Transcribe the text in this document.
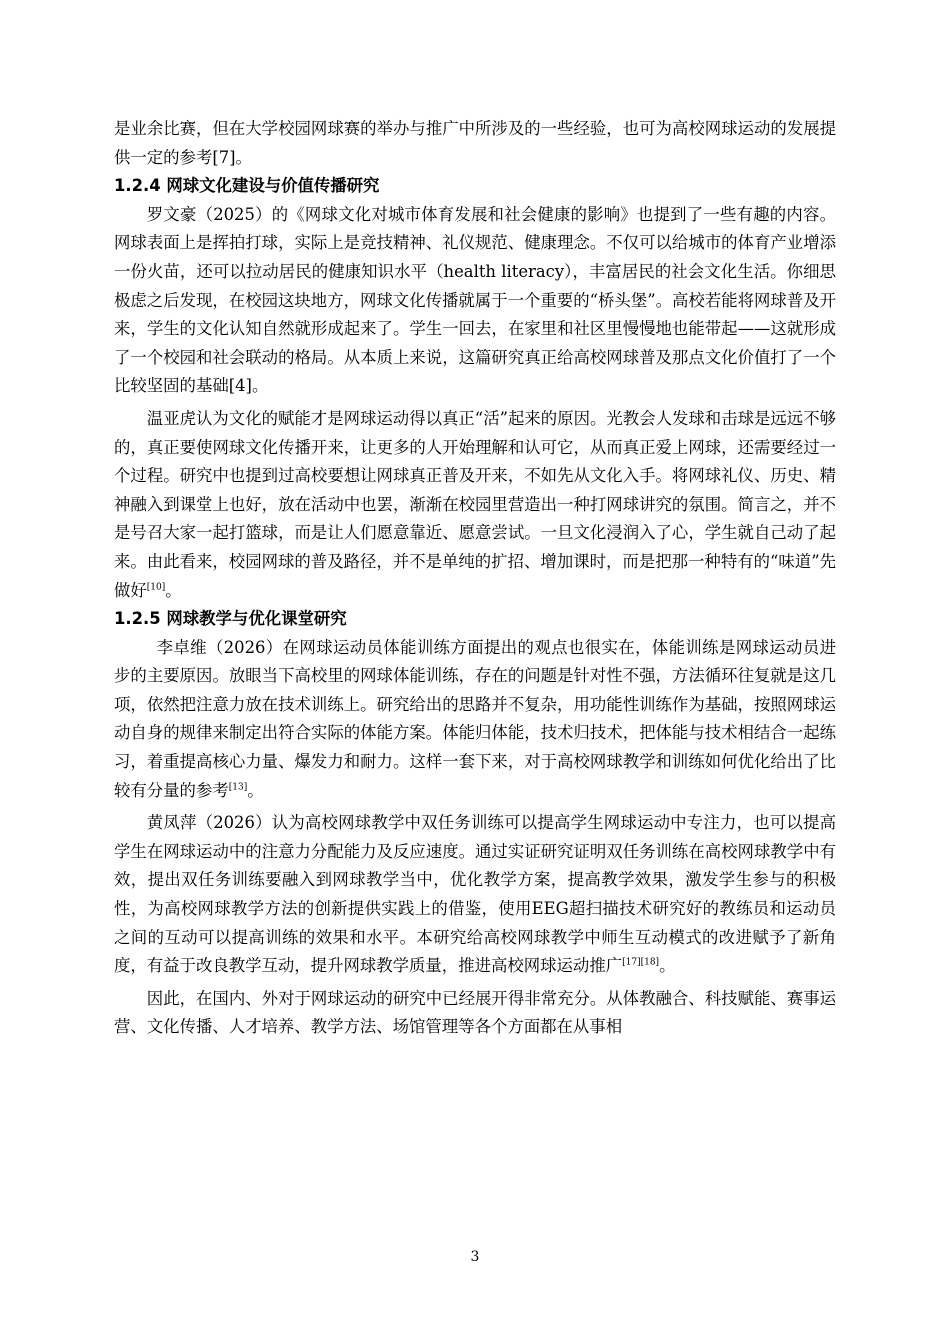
是业余比赛，但在大学校园网球赛的举办与推广中所涉及的一些经验，也可为高校网球运动的发展提供一定的参考[7]。

1.2.4 网球文化建设与价值传播研究

罗文豪（2025）的《网球文化对城市体育发展和社会健康的影响》也提到了一些有趣的内容。网球表面上是挥拍打球，实际上是竞技精神、礼仪规范、健康理念。不仅可以给城市的体育产业增添一份火苗，还可以拉动居民的健康知识水平（health literacy），丰富居民的社会文化生活。你细思极虑之后发现，在校园这块地方，网球文化传播就属于一个重要的“桥头堡”。高校若能将网球普及开来，学生的文化认知自然就形成起来了。学生一回去，在家里和社区里慢慢地也能带起——这就形成了一个校园和社会联动的格局。从本质上来说，这篇研究真正给高校网球普及那点文化价值打了一个比较坚固的基础[4]。

温亚虎认为文化的赋能才是网球运动得以真正“活”起来的原因。光教会人发球和击球是远远不够的，真正要使网球文化传播开来，让更多的人开始理解和认可它，从而真正爱上网球，还需要经过一个过程。研究中也提到过高校要想让网球真正普及开来，不如先从文化入手。将网球礼仪、历史、精神融入到课堂上也好，放在活动中也罢，渐渐在校园里营造出一种打网球讲究的氛围。简言之，并不是号召大家一起打篮球，而是让人们愿意靠近、愿意尝试。一旦文化浸润入了心，学生就自己动了起来。由此看来，校园网球的普及路径，并不是单纯的扩招、增加课时，而是把那一种特有的“味道”先做好[10]。

1.2.5 网球教学与优化课堂研究

李卓维（2026）在网球运动员体能训练方面提出的观点也很实在，体能训练是网球运动员进步的主要原因。放眼当下高校里的网球体能训练，存在的问题是针对性不强，方法循环往复就是这几项，依然把注意力放在技术训练上。研究给出的思路并不复杂，用功能性训练作为基础，按照网球运动自身的规律来制定出符合实际的体能方案。体能归体能，技术归技术，把体能与技术相结合一起练习，着重提高核心力量、爆发力和耐力。这样一套下来，对于高校网球教学和训练如何优化给出了比较有分量的参考[13]。

黄凤萍（2026）认为高校网球教学中双任务训练可以提高学生网球运动中专注力，也可以提高学生在网球运动中的注意力分配能力及反应速度。通过实证研究证明双任务训练在高校网球教学中有效，提出双任务训练要融入到网球教学当中，优化教学方案，提高教学效果，激发学生参与的积极性，为高校网球教学方法的创新提供实践上的借鉴，使用EEG超扫描技术研究好的教练员和运动员之间的互动可以提高训练的效果和水平。本研究给高校网球教学中师生互动模式的改进赋予了新角度，有益于改良教学互动，提升网球教学质量，推进高校网球运动推广[17][18]。

因此，在国内、外对于网球运动的研究中已经展开得非常充分。从体教融合、科技赋能、赛事运营、文化传播、人才培养、教学方法、场馆管理等各个方面都在从事相

3
